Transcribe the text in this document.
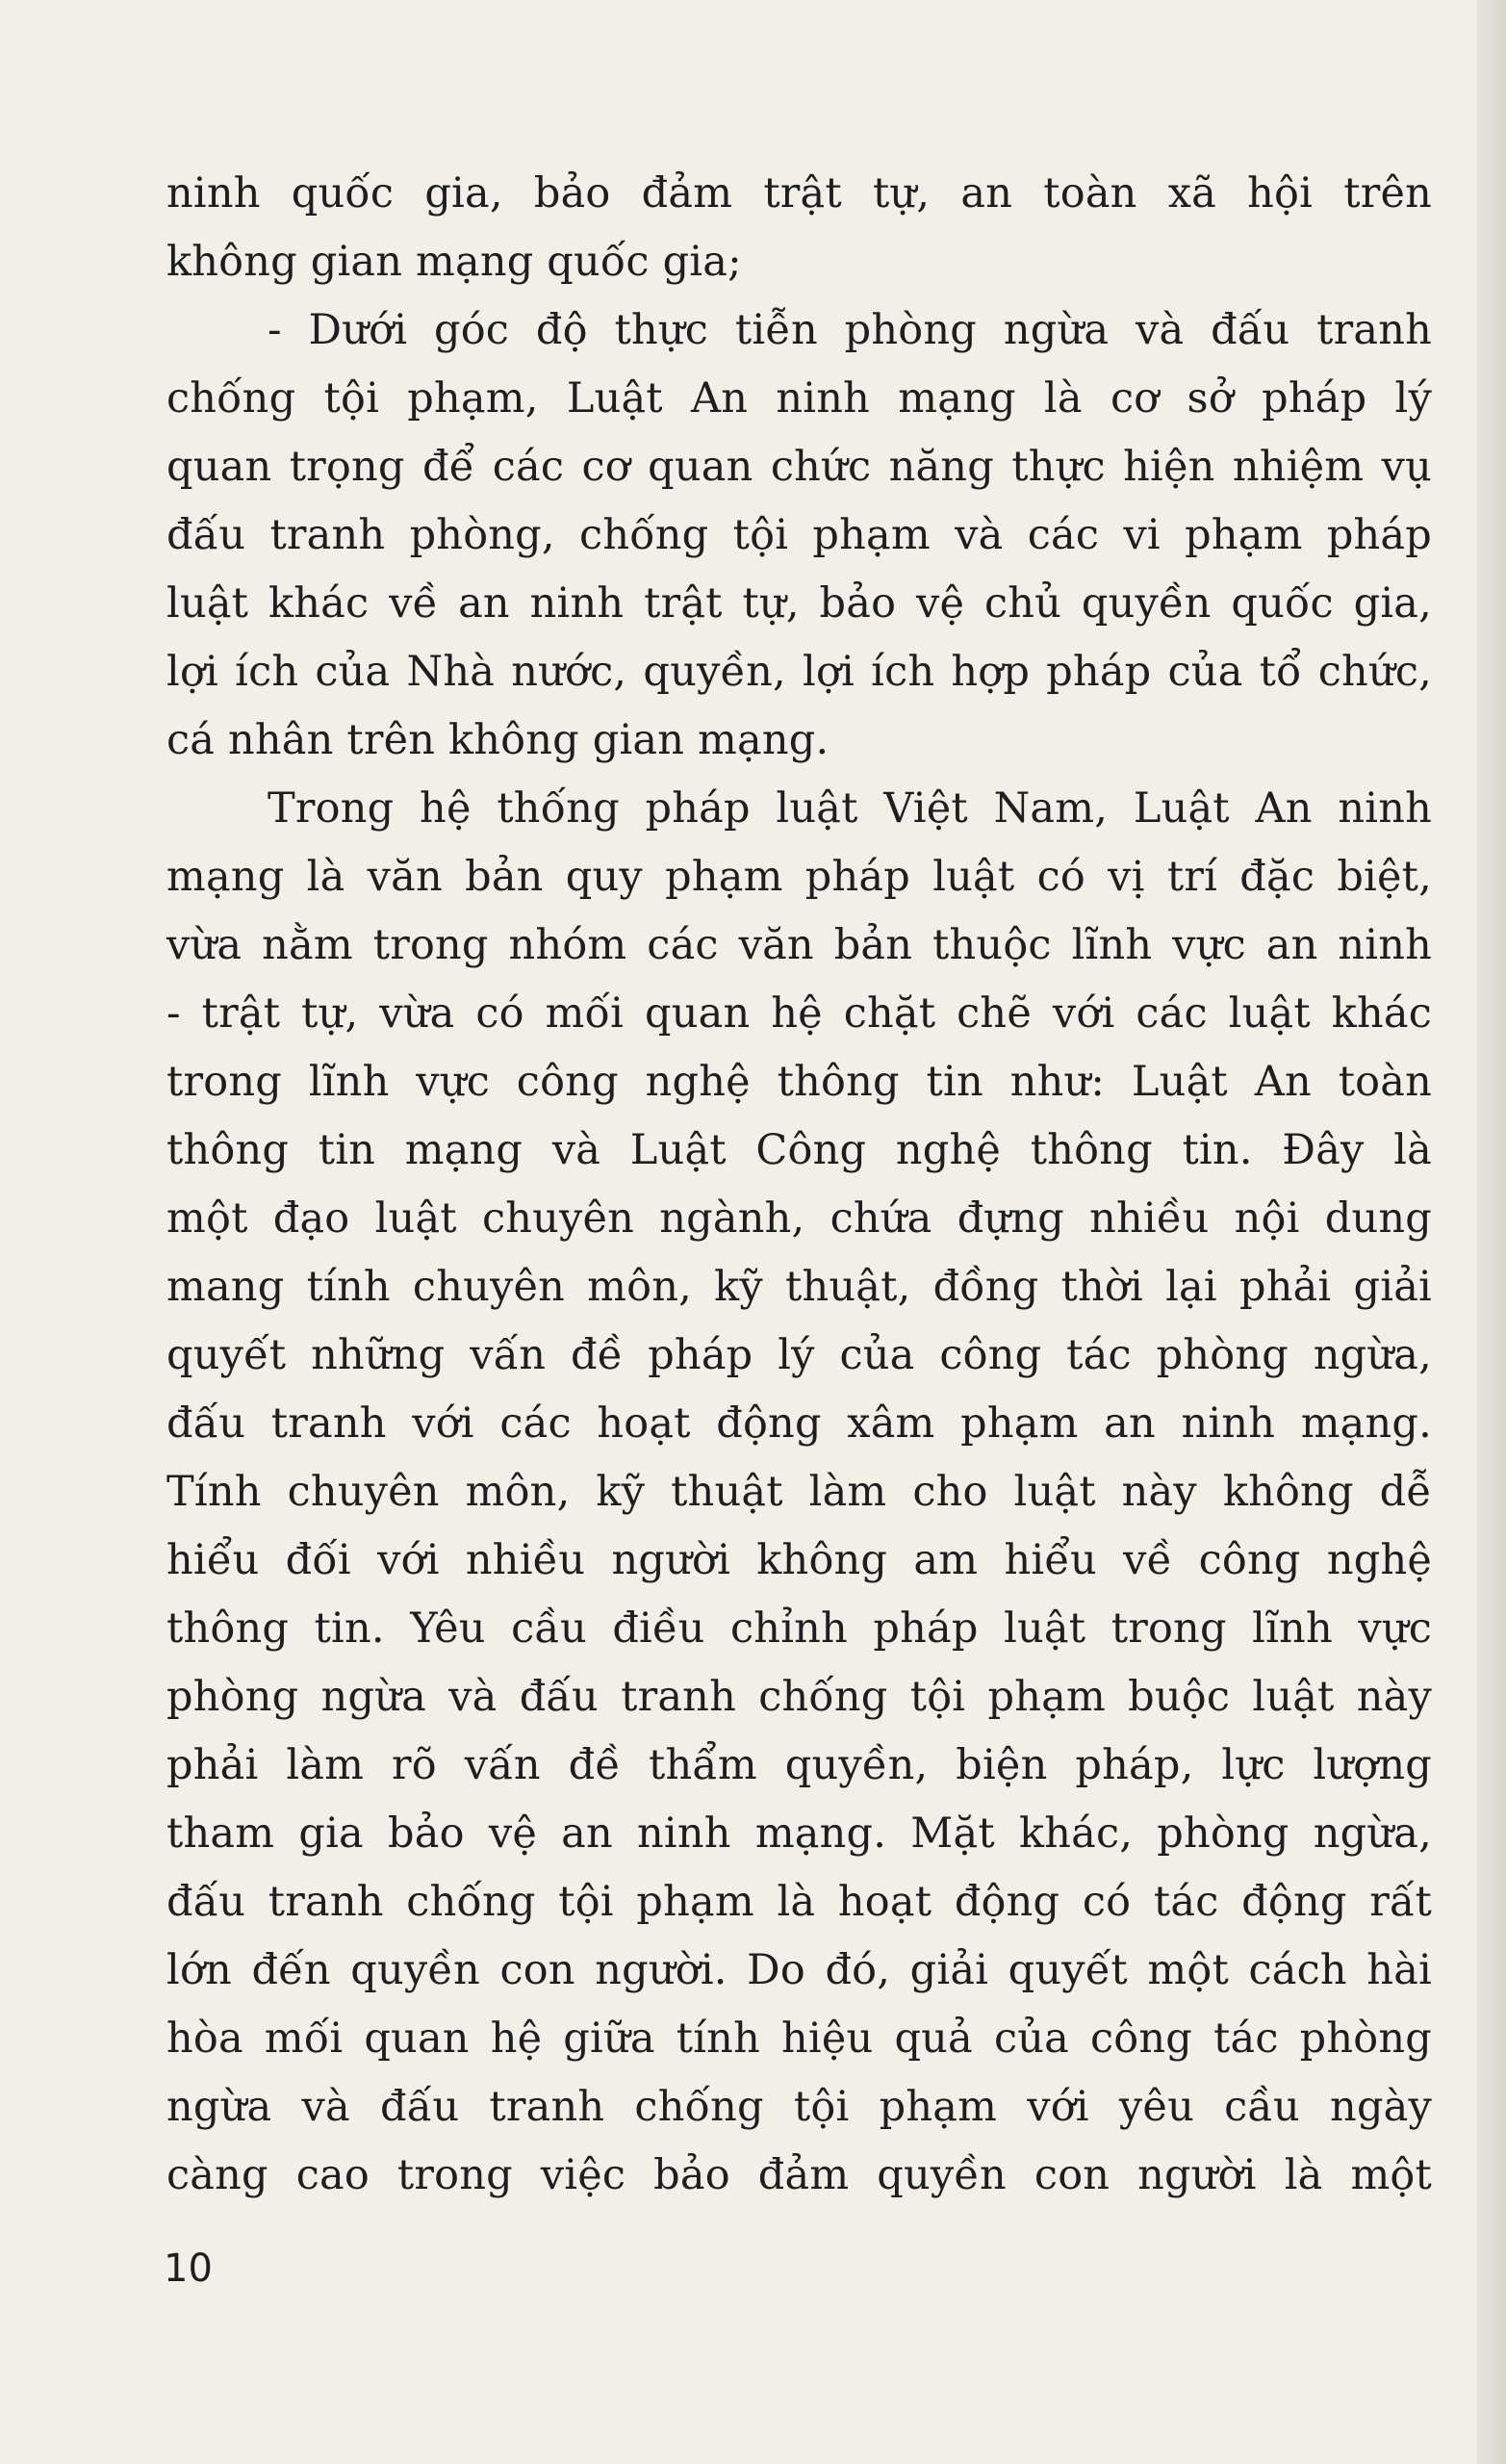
ninh quốc gia, bảo đảm trật tự, an toàn xã hội trên
không gian mạng quốc gia;
- Dưới góc độ thực tiễn phòng ngừa và đấu tranh
chống tội phạm, Luật An ninh mạng là cơ sở pháp lý
quan trọng để các cơ quan chức năng thực hiện nhiệm vụ
đấu tranh phòng, chống tội phạm và các vi phạm pháp
luật khác về an ninh trật tự, bảo vệ chủ quyền quốc gia,
lợi ích của Nhà nước, quyền, lợi ích hợp pháp của tổ chức,
cá nhân trên không gian mạng.
Trong hệ thống pháp luật Việt Nam, Luật An ninh
mạng là văn bản quy phạm pháp luật có vị trí đặc biệt,
vừa nằm trong nhóm các văn bản thuộc lĩnh vực an ninh
- trật tự, vừa có mối quan hệ chặt chẽ với các luật khác
trong lĩnh vực công nghệ thông tin như: Luật An toàn
thông tin mạng và Luật Công nghệ thông tin. Đây là
một đạo luật chuyên ngành, chứa đựng nhiều nội dung
mang tính chuyên môn, kỹ thuật, đồng thời lại phải giải
quyết những vấn đề pháp lý của công tác phòng ngừa,
đấu tranh với các hoạt động xâm phạm an ninh mạng.
Tính chuyên môn, kỹ thuật làm cho luật này không dễ
hiểu đối với nhiều người không am hiểu về công nghệ
thông tin. Yêu cầu điều chỉnh pháp luật trong lĩnh vực
phòng ngừa và đấu tranh chống tội phạm buộc luật này
phải làm rõ vấn đề thẩm quyền, biện pháp, lực lượng
tham gia bảo vệ an ninh mạng. Mặt khác, phòng ngừa,
đấu tranh chống tội phạm là hoạt động có tác động rất
lớn đến quyền con người. Do đó, giải quyết một cách hài
hòa mối quan hệ giữa tính hiệu quả của công tác phòng
ngừa và đấu tranh chống tội phạm với yêu cầu ngày
càng cao trong việc bảo đảm quyền con người là một
10
